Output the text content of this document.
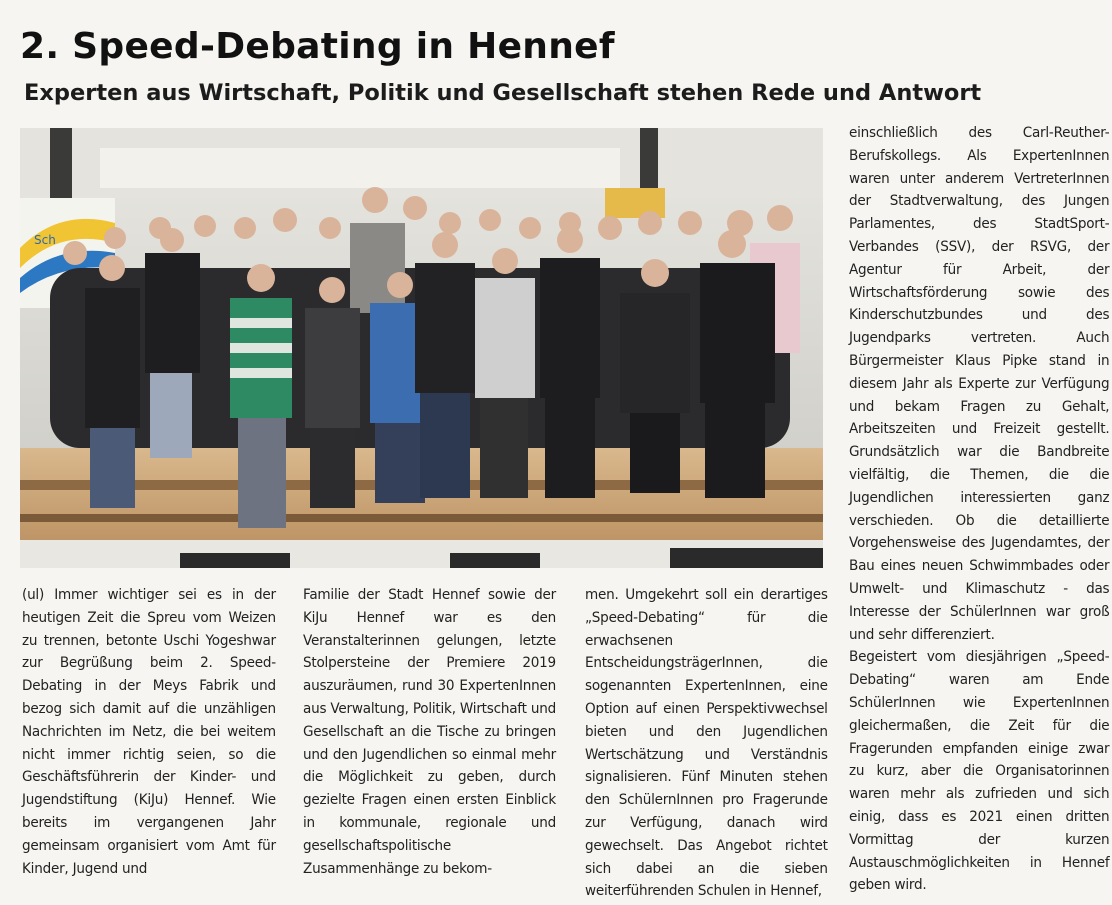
2. Speed-Debating in Hennef
Experten aus Wirtschaft, Politik und Gesellschaft stehen Rede und Antwort
Sch

(ul) Immer wichtiger sei es in der heutigen Zeit die Spreu vom Weizen zu trennen, betonte Uschi Yogeshwar zur Begrüßung beim 2. Speed-Debating in der Meys Fabrik und bezog sich damit auf die unzähligen Nachrichten im Netz, die bei weitem nicht immer richtig seien, so die Geschäftsführerin der Kinder- und Jugendstiftung (KiJu) Hennef. Wie bereits im vergangenen Jahr gemeinsam organisiert vom Amt für Kinder, Jugend und

Familie der Stadt Hennef sowie der KiJu Hennef war es den Veranstalterinnen gelungen, letzte Stolpersteine der Premiere 2019 auszuräumen, rund 30 ExpertenInnen aus Verwaltung, Politik, Wirtschaft und Gesellschaft an die Tische zu bringen und den Jugendlichen so einmal mehr die Möglichkeit zu geben, durch gezielte Fragen einen ersten Einblick in kommunale, regionale und gesellschaftspolitische Zusammenhänge zu bekom-

men. Umgekehrt soll ein derartiges „Speed-Debating“ für die erwachsenen EntscheidungsträgerInnen, die sogenannten ExpertenInnen, eine Option auf einen Perspektivwechsel bieten und den Jugendlichen Wertschätzung und Verständnis signalisieren. Fünf Minuten stehen den SchülernInnen pro Fragerunde zur Verfügung, danach wird gewechselt. Das Angebot richtet sich dabei an die sieben weiterführenden Schulen in Hennef,

einschließlich des Carl-Reuther-Berufskollegs. Als ExpertenInnen waren unter anderem VertreterInnen der Stadtverwaltung, des Jungen Parlamentes, des StadtSport-Verbandes (SSV), der RSVG, der Agentur für Arbeit, der Wirtschaftsförderung sowie des Kinderschutzbundes und des Jugendparks vertreten. Auch Bürgermeister Klaus Pipke stand in diesem Jahr als Experte zur Verfügung und bekam Fragen zu Gehalt, Arbeitszeiten und Freizeit gestellt. Grundsätzlich war die Bandbreite vielfältig, die Themen, die die Jugendlichen interessierten ganz verschieden. Ob die detaillierte Vorgehensweise des Jugendamtes, der Bau eines neuen Schwimmbades oder Umwelt- und Klimaschutz - das Interesse der SchülerInnen war groß und sehr differenziert.
Begeistert vom diesjährigen „Speed-Debating“ waren am Ende SchülerInnen wie ExpertenInnen gleichermaßen, die Zeit für die Fragerunden empfanden einige zwar zu kurz, aber die Organisatorinnen waren mehr als zufrieden und sich einig, dass es 2021 einen dritten Vormittag der kurzen Austauschmöglichkeiten in Hennef geben wird.
